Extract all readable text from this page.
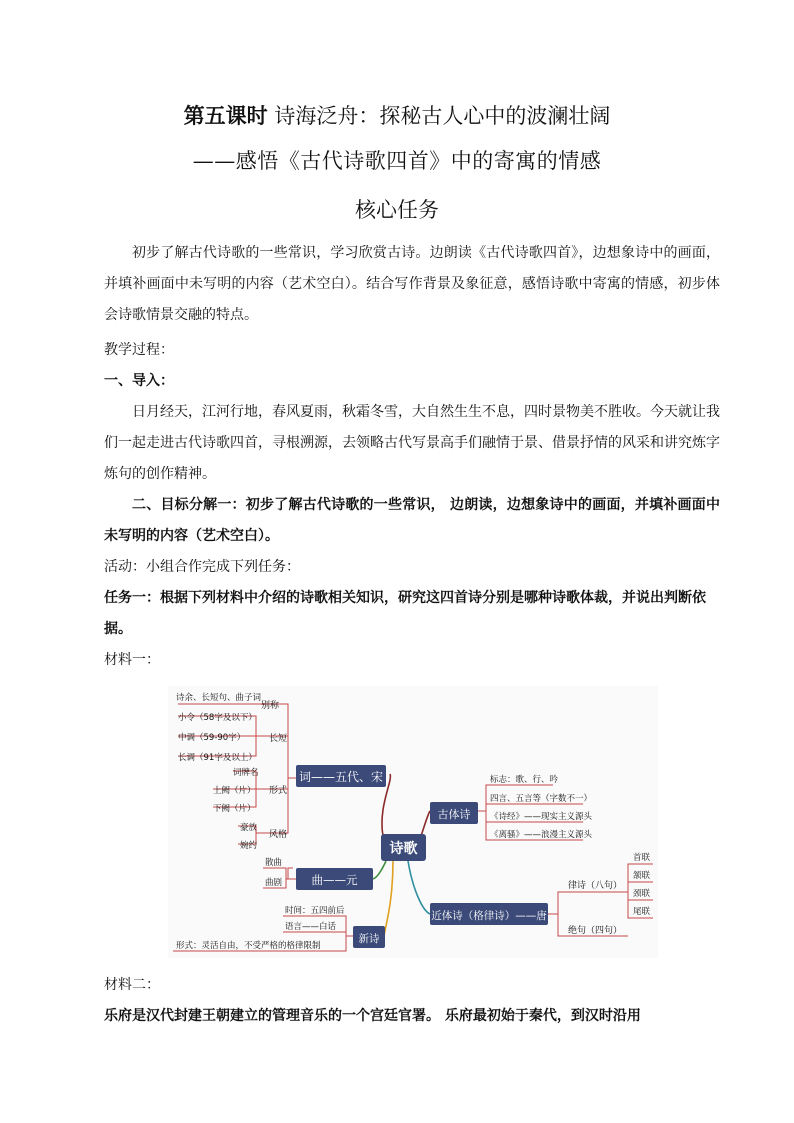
第五课时 诗海泛舟：探秘古人心中的波澜壮阔
——感悟《古代诗歌四首》中的寄寓的情感
核心任务

初步了解古代诗歌的一些常识，学习欣赏古诗。边朗读《古代诗歌四首》，边想象诗中的画面，并填补画面中未写明的内容（艺术空白）。结合写作背景及象征意，感悟诗歌中寄寓的情感，初步体会诗歌情景交融的特点。

教学过程：

一、导入：

日月经天，江河行地，春风夏雨，秋霜冬雪，大自然生生不息，四时景物美不胜收。今天就让我们一起走进古代诗歌四首，寻根溯源，去领略古代写景高手们融情于景、借景抒情的风采和讲究炼字炼句的创作精神。

二、目标分解一：初步了解古代诗歌的一些常识， 边朗读，边想象诗中的画面，并填补画面中未写明的内容（艺术空白）。

活动：小组合作完成下列任务：

任务一：根据下列材料中介绍的诗歌相关知识，研究这四首诗分别是哪种诗歌体裁，并说出判断依据。

材料一：

诗歌
词——五代、宋
别称
诗余、长短句、曲子词
长短
小令（58字及以下）
中调（59-90字）
长调（91字及以上）
形式
词牌名
上阙（片）
下阙（片）
风格
豪放
婉约
古体诗
标志：歌、行、吟
四言、五言等（字数不一）
《诗经》——现实主义源头
《离骚》——浪漫主义源头
近体诗（格律诗）——唐
律诗（八句）
绝句（四句）
首联
颔联
颈联
尾联
曲——元
散曲
曲剧
新诗
时间：五四前后
语言——白话
形式：灵活自由，不受严格的格律限制

材料二：

乐府是汉代封建王朝建立的管理音乐的一个宫廷官署。 乐府最初始于秦代，到汉时沿用
